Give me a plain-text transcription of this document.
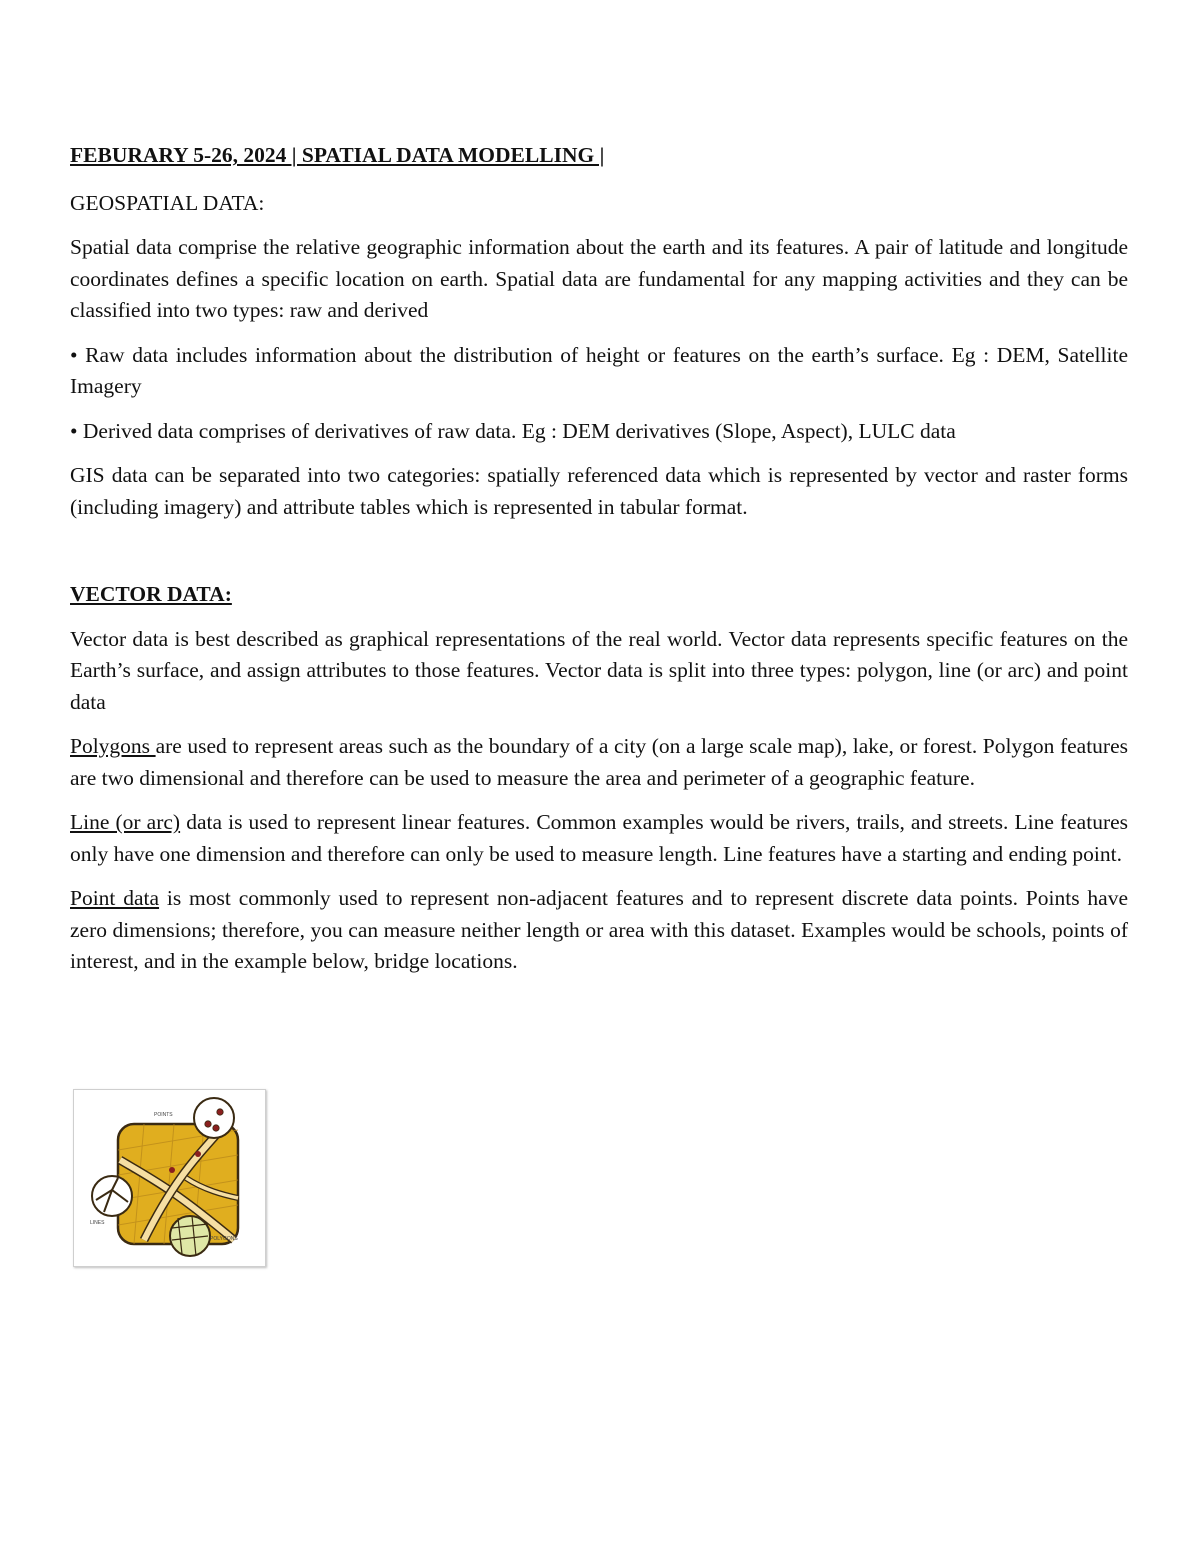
FEBURARY 5-26, 2024 | SPATIAL DATA MODELLING |

GEOSPATIAL DATA:

Spatial data comprise the relative geographic information about the earth and its features. A pair of latitude and longitude coordinates defines a specific location on earth. Spatial data are fundamental for any mapping activities and they can be classified into two types: raw and derived

• Raw data includes information about the distribution of height or features on the earth’s surface. Eg : DEM, Satellite Imagery

• Derived data comprises of derivatives of raw data. Eg : DEM derivatives (Slope, Aspect), LULC data

GIS data can be separated into two categories: spatially referenced data which is represented by vector and raster forms (including imagery) and attribute tables which is represented in tabular format.

VECTOR DATA:

Vector data is best described as graphical representations of the real world. Vector data represents specific features on the Earth’s surface, and assign attributes to those features. Vector data is split into three types: polygon, line (or arc) and point data

Polygons are used to represent areas such as the boundary of a city (on a large scale map), lake, or forest. Polygon features are two dimensional and therefore can be used to measure the area and perimeter of a geographic feature.

Line (or arc) data is used to represent linear features. Common examples would be rivers, trails, and streets. Line features only have one dimension and therefore can only be used to measure length. Line features have a starting and ending point.

Point data is most commonly used to represent non-adjacent features and to represent discrete data points. Points have zero dimensions; therefore, you can measure neither length or area with this dataset. Examples would be schools, points of interest, and in the example below, bridge locations.

POINTS
LINES
POLYGONS
